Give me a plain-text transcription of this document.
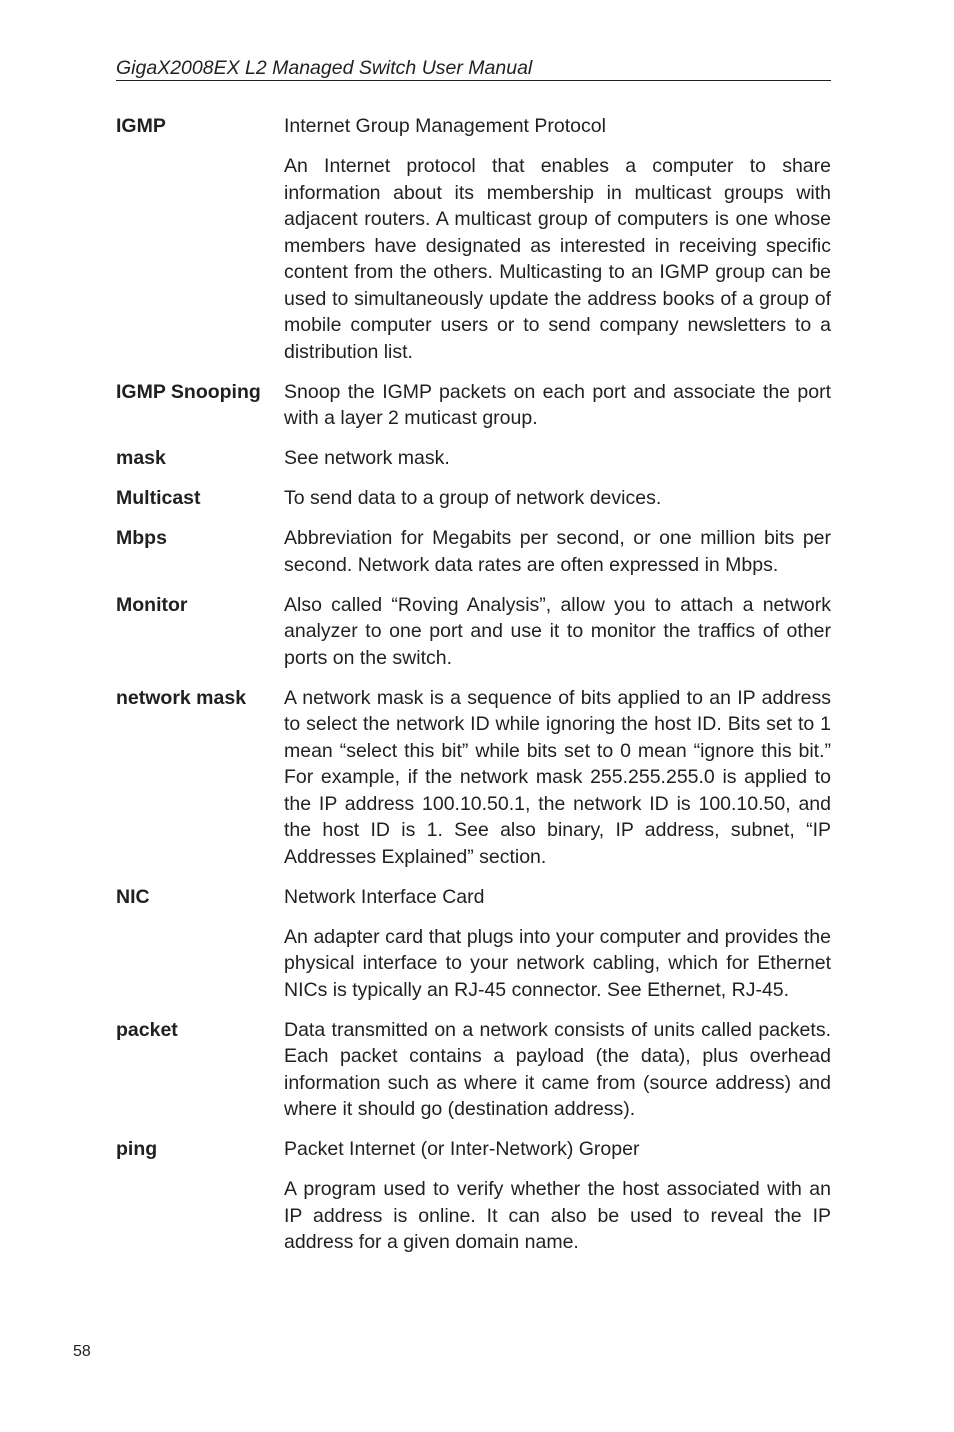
GigaX2008EX L2 Managed Switch User Manual
IGMP	Internet Group Management Protocol

An Internet protocol that enables a computer to share information about its membership in multicast groups with adjacent routers. A multicast group of computers is one whose members have designated as interested in receiving specific content from the others. Multicasting to an IGMP group can be used to simultaneously update the address books of a group of mobile computer users or to send company newsletters to a distribution list.

IGMP Snooping	Snoop the IGMP packets on each port and associate the port with a layer 2 muticast group.

mask	See network mask.

Multicast	To send data to a group of network devices.

Mbps	Abbreviation for Megabits per second, or one million bits per second. Network data rates are often expressed in Mbps.

Monitor	Also called “Roving Analysis”, allow you to attach a network analyzer to one port and use it to monitor the traffics of other ports on the switch.

network mask	A network mask is a sequence of bits applied to an IP address to select the network ID while ignoring the host ID. Bits set to 1 mean “select this bit” while bits set to 0 mean “ignore this bit.” For example, if the network mask 255.255.255.0 is applied to the IP address 100.10.50.1, the network ID is 100.10.50, and the host ID is 1. See also binary, IP address, subnet, “IP Addresses Explained” section.

NIC	Network Interface Card

An adapter card that plugs into your computer and provides the physical interface to your network cabling, which for Ethernet NICs is typically an RJ-45 connector. See Ethernet, RJ-45.

packet	Data transmitted on a network consists of units called packets. Each packet contains a payload (the data), plus overhead information such as where it came from (source address) and where it should go (destination address).

ping	Packet Internet (or Inter-Network) Groper

A program used to verify whether the host associated with an IP address is online. It can also be used to reveal the IP address for a given domain name.

58
